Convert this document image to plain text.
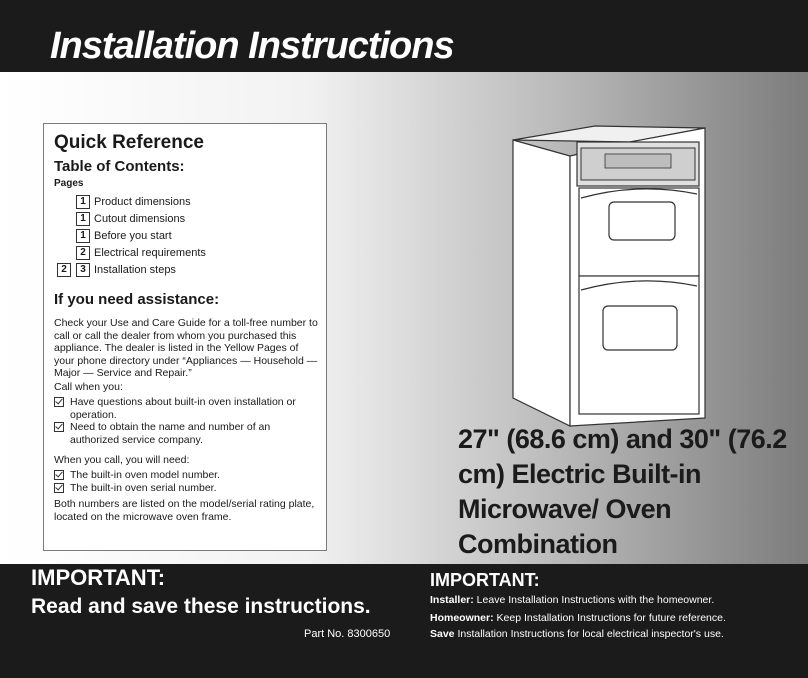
Installation Instructions
Quick Reference
Table of Contents:
Pages
1 Product dimensions
1 Cutout dimensions
1 Before you start
2 Electrical requirements
2	3 Installation steps
If you need assistance:

Check your Use and Care Guide for a toll-free number to call or call the dealer from whom you purchased this appliance. The dealer is listed in the Yellow Pages of your phone directory under “Appliances — Household — Major — Service and Repair.”

Call when you:

Have questions about built-in oven installation or operation.
Need to obtain the name and number of an authorized service company.

When you call, you will need:

The built-in oven model number.
The built-in oven serial number.

Both numbers are listed on the model/serial rating plate, located on the microwave oven frame.

27" (68.6 cm) and 30" (76.2 cm) Electric Built-in Microwave/ Oven Combination
IMPORTANT:
Read and save these instructions.
Part No. 8300650
IMPORTANT:
Installer: Leave Installation Instructions with the homeowner.
Homeowner: Keep Installation Instructions for future reference.
Save Installation Instructions for local electrical inspector's use.
